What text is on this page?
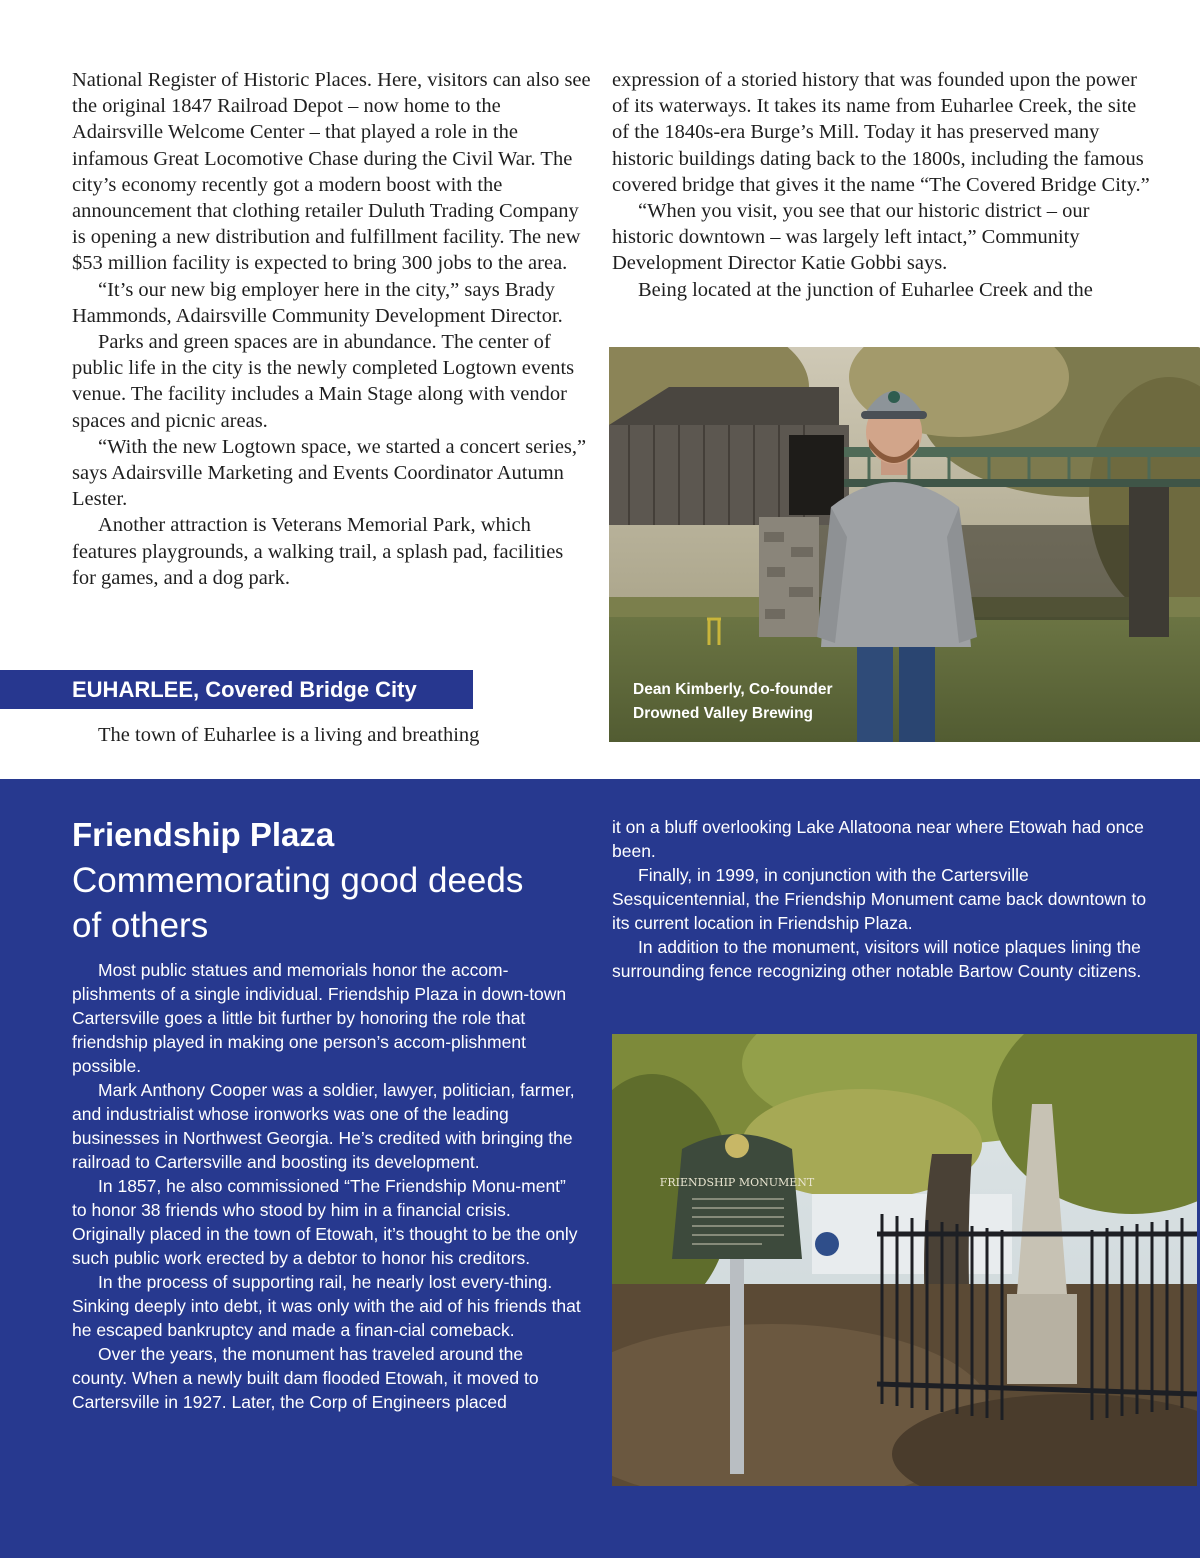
National Register of Historic Places. Here, visitors can also see the original 1847 Railroad Depot – now home to the Adairsville Welcome Center – that played a role in the infamous Great Locomotive Chase during the Civil War. The city’s economy recently got a modern boost with the announcement that clothing retailer Duluth Trading Company is opening a new distribution and fulfillment facility. The new $53 million facility is expected to bring 300 jobs to the area.

“It’s our new big employer here in the city,” says Brady Hammonds, Adairsville Community Development Director.

Parks and green spaces are in abundance. The center of public life in the city is the newly completed Logtown events venue. The facility includes a Main Stage along with vendor spaces and picnic areas.

“With the new Logtown space, we started a concert series,” says Adairsville Marketing and Events Coordinator Autumn Lester.

Another attraction is Veterans Memorial Park, which features playgrounds, a walking trail, a splash pad, facilities for games, and a dog park.

EUHARLEE, Covered Bridge City

The town of Euharlee is a living and breathing

expression of a storied history that was founded upon the power of its waterways. It takes its name from Euharlee Creek, the site of the 1840s-era Burge’s Mill. Today it has preserved many historic buildings dating back to the 1800s, including the famous covered bridge that gives it the name “The Covered Bridge City.”

“When you visit, you see that our historic district – our historic downtown – was largely left intact,” Community Development Director Katie Gobbi says.

Being located at the junction of Euharlee Creek and the

Dean Kimberly, Co-founder
Drowned Valley Brewing
Friendship Plaza
Commemorating good deeds of others

Most public statues and memorials honor the accom-plishments of a single individual. Friendship Plaza in down-town Cartersville goes a little bit further by honoring the role that friendship played in making one person’s accom-plishment possible.

Mark Anthony Cooper was a soldier, lawyer, politician, farmer, and industrialist whose ironworks was one of the leading businesses in Northwest Georgia. He’s credited with bringing the railroad to Cartersville and boosting its development.

In 1857, he also commissioned “The Friendship Monu-ment” to honor 38 friends who stood by him in a financial crisis. Originally placed in the town of Etowah, it’s thought to be the only such public work erected by a debtor to honor his creditors.

In the process of supporting rail, he nearly lost every-thing. Sinking deeply into debt, it was only with the aid of his friends that he escaped bankruptcy and made a finan-cial comeback.

Over the years, the monument has traveled around the county. When a newly built dam flooded Etowah, it moved to Cartersville in 1927. Later, the Corp of Engineers placed

it on a bluff overlooking Lake Allatoona near where Etowah had once been.

Finally, in 1999, in conjunction with the Cartersville Sesquicentennial, the Friendship Monument came back downtown to its current location in Friendship Plaza.

In addition to the monument, visitors will notice plaques lining the surrounding fence recognizing other notable Bartow County citizens.

FRIENDSHIP MONUMENT
